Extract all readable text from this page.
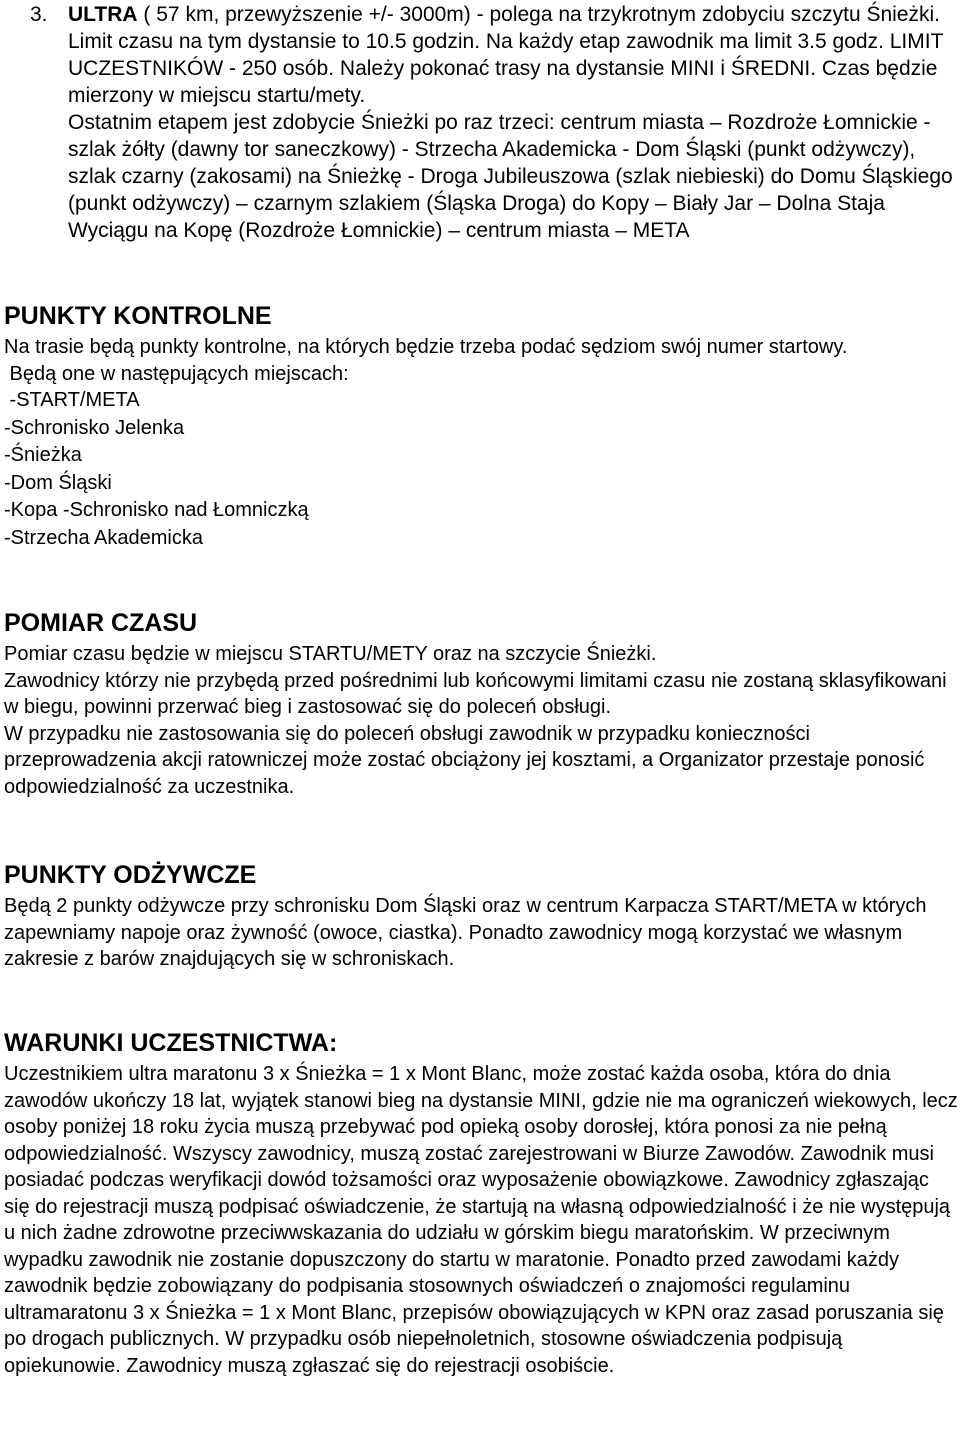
3. ULTRA ( 57 km, przewyższenie +/- 3000m) - polega na trzykrotnym zdobyciu szczytu Śnieżki. Limit czasu na tym dystansie to 10.5 godzin. Na każdy etap zawodnik ma limit 3.5 godz. LIMIT UCZESTNIKÓW - 250 osób. Należy pokonać trasy na dystansie MINI i ŚREDNI. Czas będzie mierzony w miejscu startu/mety.

Ostatnim etapem jest zdobycie Śnieżki po raz trzeci: centrum miasta – Rozdroże Łomnickie - szlak żółty (dawny tor saneczkowy) - Strzecha Akademicka - Dom Śląski (punkt odżywczy), szlak czarny (zakosami) na Śnieżkę - Droga Jubileuszowa (szlak niebieski) do Domu Śląskiego (punkt odżywczy) – czarnym szlakiem (Śląska Droga) do Kopy – Biały Jar – Dolna Staja Wyciągu na Kopę (Rozdroże Łomnickie) – centrum miasta – META

PUNKTY KONTROLNE

Na trasie będą punkty kontrolne, na których będzie trzeba podać sędziom swój numer startowy.

Będą one w następujących miejscach:

-START/META
-Schronisko Jelenka
-Śnieżka
-Dom Śląski
-Kopa -Schronisko nad Łomniczką
-Strzecha Akademicka
POMIAR CZASU

Pomiar czasu będzie w miejscu STARTU/METY oraz na szczycie Śnieżki.

Zawodnicy którzy nie przybędą przed pośrednimi lub końcowymi limitami czasu nie zostaną sklasyfikowani w biegu, powinni przerwać bieg i zastosować się do poleceń obsługi.

W przypadku nie zastosowania się do poleceń obsługi zawodnik w przypadku konieczności przeprowadzenia akcji ratowniczej może zostać obciążony jej kosztami, a Organizator przestaje ponosić odpowiedzialność za uczestnika.

PUNKTY ODŻYWCZE

Będą 2 punkty odżywcze przy schronisku Dom Śląski oraz w centrum Karpacza START/META w których zapewniamy napoje oraz żywność (owoce, ciastka). Ponadto zawodnicy mogą korzystać we własnym zakresie z barów znajdujących się w schroniskach.

WARUNKI UCZESTNICTWA:

Uczestnikiem ultra maratonu 3 x Śnieżka = 1 x Mont Blanc, może zostać każda osoba, która do dnia zawodów ukończy 18 lat, wyjątek stanowi bieg na dystansie MINI, gdzie nie ma ograniczeń wiekowych, lecz osoby poniżej 18 roku życia muszą przebywać pod opieką osoby dorosłej, która ponosi za nie pełną odpowiedzialność. Wszyscy zawodnicy, muszą zostać zarejestrowani w Biurze Zawodów. Zawodnik musi posiadać podczas weryfikacji dowód tożsamości oraz wyposażenie obowiązkowe. Zawodnicy zgłaszając się do rejestracji muszą podpisać oświadczenie, że startują na własną odpowiedzialność i że nie występują u nich żadne zdrowotne przeciwwskazania do udziału w górskim biegu maratońskim. W przeciwnym wypadku zawodnik nie zostanie dopuszczony do startu w maratonie. Ponadto przed zawodami każdy zawodnik będzie zobowiązany do podpisania stosownych oświadczeń o znajomości regulaminu ultramaratonu 3 x Śnieżka = 1 x Mont Blanc, przepisów obowiązujących w KPN oraz zasad poruszania się po drogach publicznych. W przypadku osób niepełnoletnich, stosowne oświadczenia podpisują opiekunowie. Zawodnicy muszą zgłaszać się do rejestracji osobiście.
